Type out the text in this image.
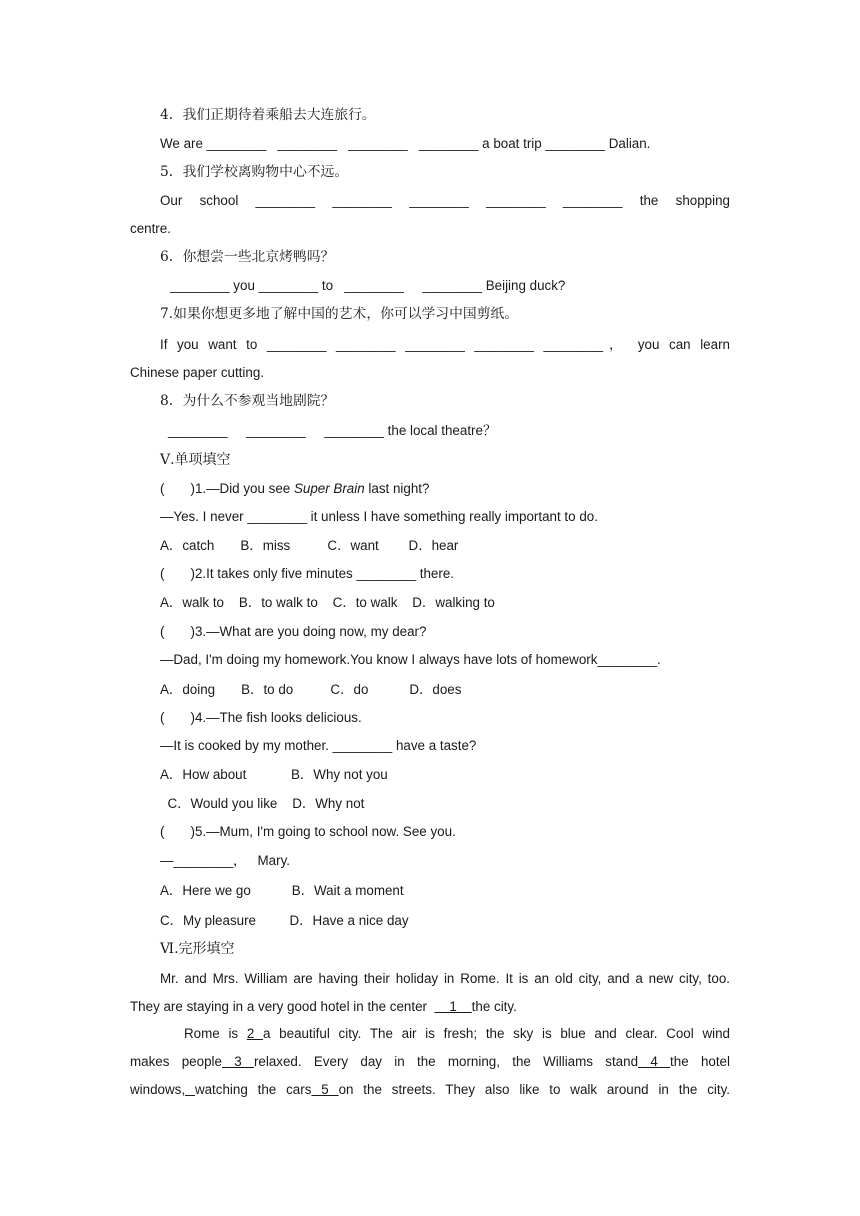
4．我们正期待着乘船去大连旅行。
We are ________   ________   ________   ________ a boat trip ________ Dalian.
5．我们学校离购物中心不远。
Our school ________ ________ ________ ________ ________ the shopping
centre.
6．你想尝一些北京烤鸭吗？
________ you ________ to   ________     ________ Beijing duck?
7.如果你想更多地了解中国的艺术，你可以学习中国剪纸。
If you want to ________ ________ ________ ________ ________， you can learn
Chinese paper cutting.
8．为什么不参观当地剧院？
________     ________     ________ the local theatre？
Ⅴ.单项填空
(       )1.—Did you see Super Brain last night?
—Yes. I never ________ it unless I have something really important to do.
A．catch       B．miss          C．want        D．hear
(       )2.It takes only five minutes ________ there.
A．walk to    B．to walk to    C．to walk    D．walking to
(       )3.—What are you doing now, my dear?
—Dad, I'm doing my homework.You know I always have lots of homework________.
A．doing       B．to do          C．do           D．does
(       )4.—The fish looks delicious.
—It is cooked by my mother. ________ have a taste?
A．How about            B．Why not you
C．Would you like    D．Why not
(       )5.—Mum, I'm going to school now. See you.
—________，   Mary.
A．Here we go           B．Wait a moment
C．My pleasure         D．Have a nice day
Ⅵ.完形填空
Mr. and Mrs. William are having their holiday in Rome. It is an old city, and a new city, too.
They are staying in a very good hotel in the center      1    the city.
Rome is 2 a beautiful city. The air is fresh; the sky is blue and clear. Cool wind
makes people 3 relaxed. Every day in the morning, the Williams stand 4 the hotel
windows, watching the cars 5 on the streets. They also like to walk around in the city.
